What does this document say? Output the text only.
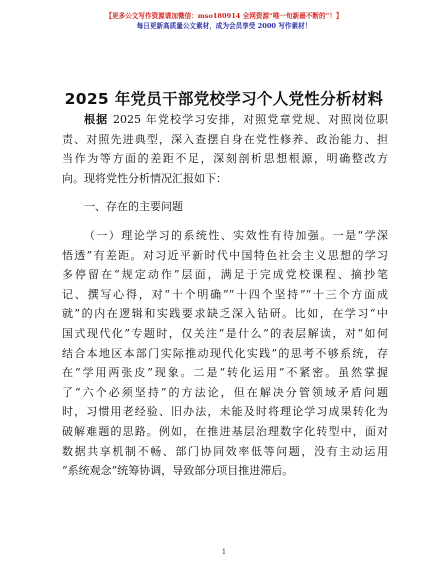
【更多公文写作资源请加微信：mso180914 全网资源“唯一旬新最不断的”！】
每日更新高质量公文素材，成为会员享受 2000 写作素材！
2025 年党员干部党校学习个人党性分析材料
根据 2025 年党校学习安排，对照党章党规、对照岗位职
责、对照先进典型，深入查摆自身在党性修养、政治能力、担
当作为等方面的差距不足，深刻剖析思想根源，明确整改方
向。现将党性分析情况汇报如下：
一、存在的主要问题
（一）理论学习的系统性、实效性有待加强。一是“学深
悟透”有差距。对习近平新时代中国特色社会主义思想的学习
多停留在“规定动作”层面，满足于完成党校课程、摘抄笔
记、撰写心得，对“十个明确”“十四个坚持”“十三个方面成
就”的内在逻辑和实践要求缺乏深入钻研。比如，在学习“中
国式现代化”专题时，仅关注“是什么”的表层解读，对“如何
结合本地区本部门实际推动现代化实践”的思考不够系统，存
在“学用两张皮”现象。二是“转化运用”不紧密。虽然掌握
了“六个必须坚持”的方法论，但在解决分管领域矛盾问题
时，习惯用老经验、旧办法，未能及时将理论学习成果转化为
破解难题的思路。例如，在推进基层治理数字化转型中，面对
数据共享机制不畅、部门协同效率低等问题，没有主动运用
“系统观念”统筹协调，导致部分项目推进滞后。
1
